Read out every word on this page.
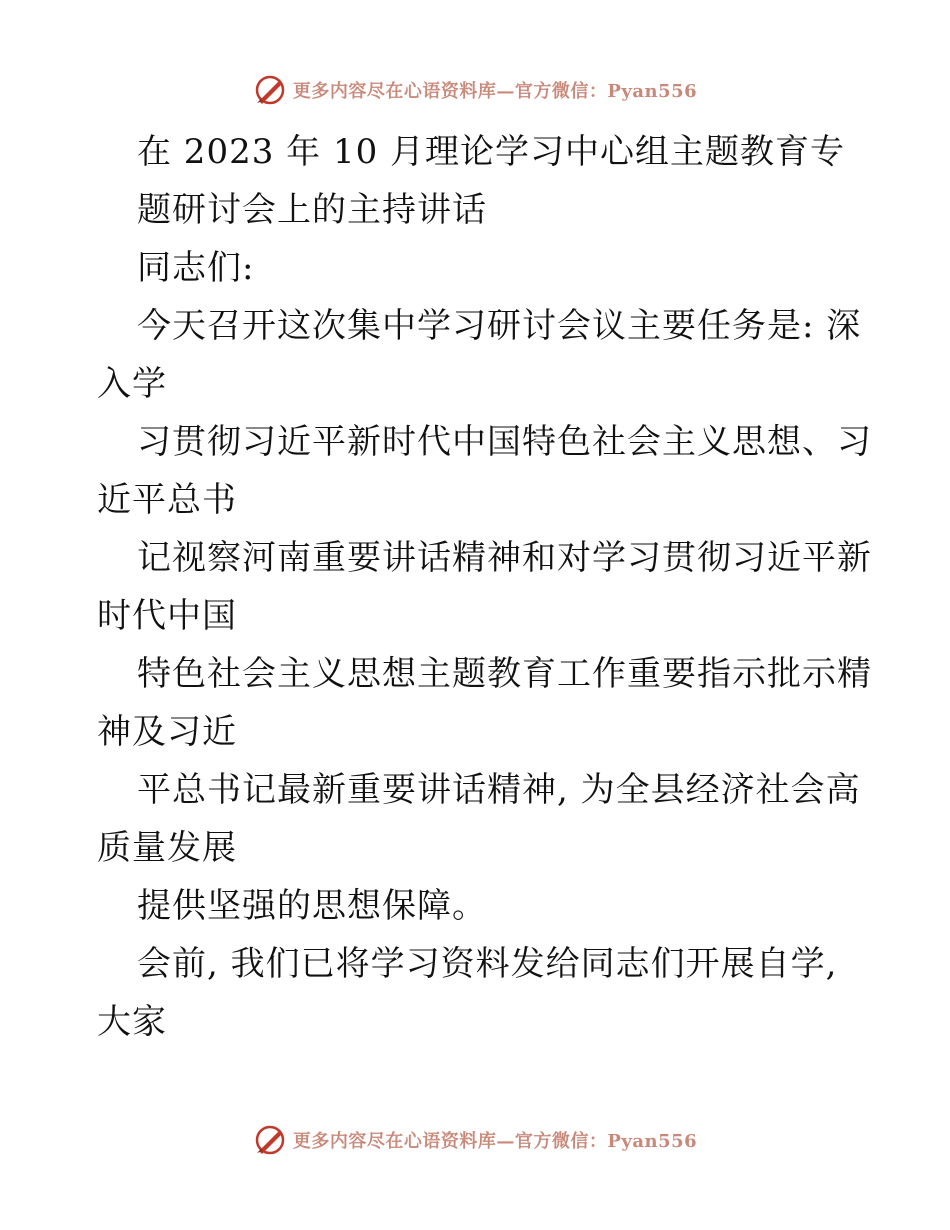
更多内容尽在心语资料库—官方微信：Pyan556
在 2023 年 10 月理论学习中心组主题教育专
题研讨会上的主持讲话
同志们:
今天召开这次集中学习研讨会议主要任务是: 深
入学
习贯彻习近平新时代中国特色社会主义思想、习
近平总书
记视察河南重要讲话精神和对学习贯彻习近平新
时代中国
特色社会主义思想主题教育工作重要指示批示精
神及习近
平总书记最新重要讲话精神, 为全县经济社会高
质量发展
提供坚强的思想保障。
会前, 我们已将学习资料发给同志们开展自学,
大家
更多内容尽在心语资料库—官方微信：Pyan556
